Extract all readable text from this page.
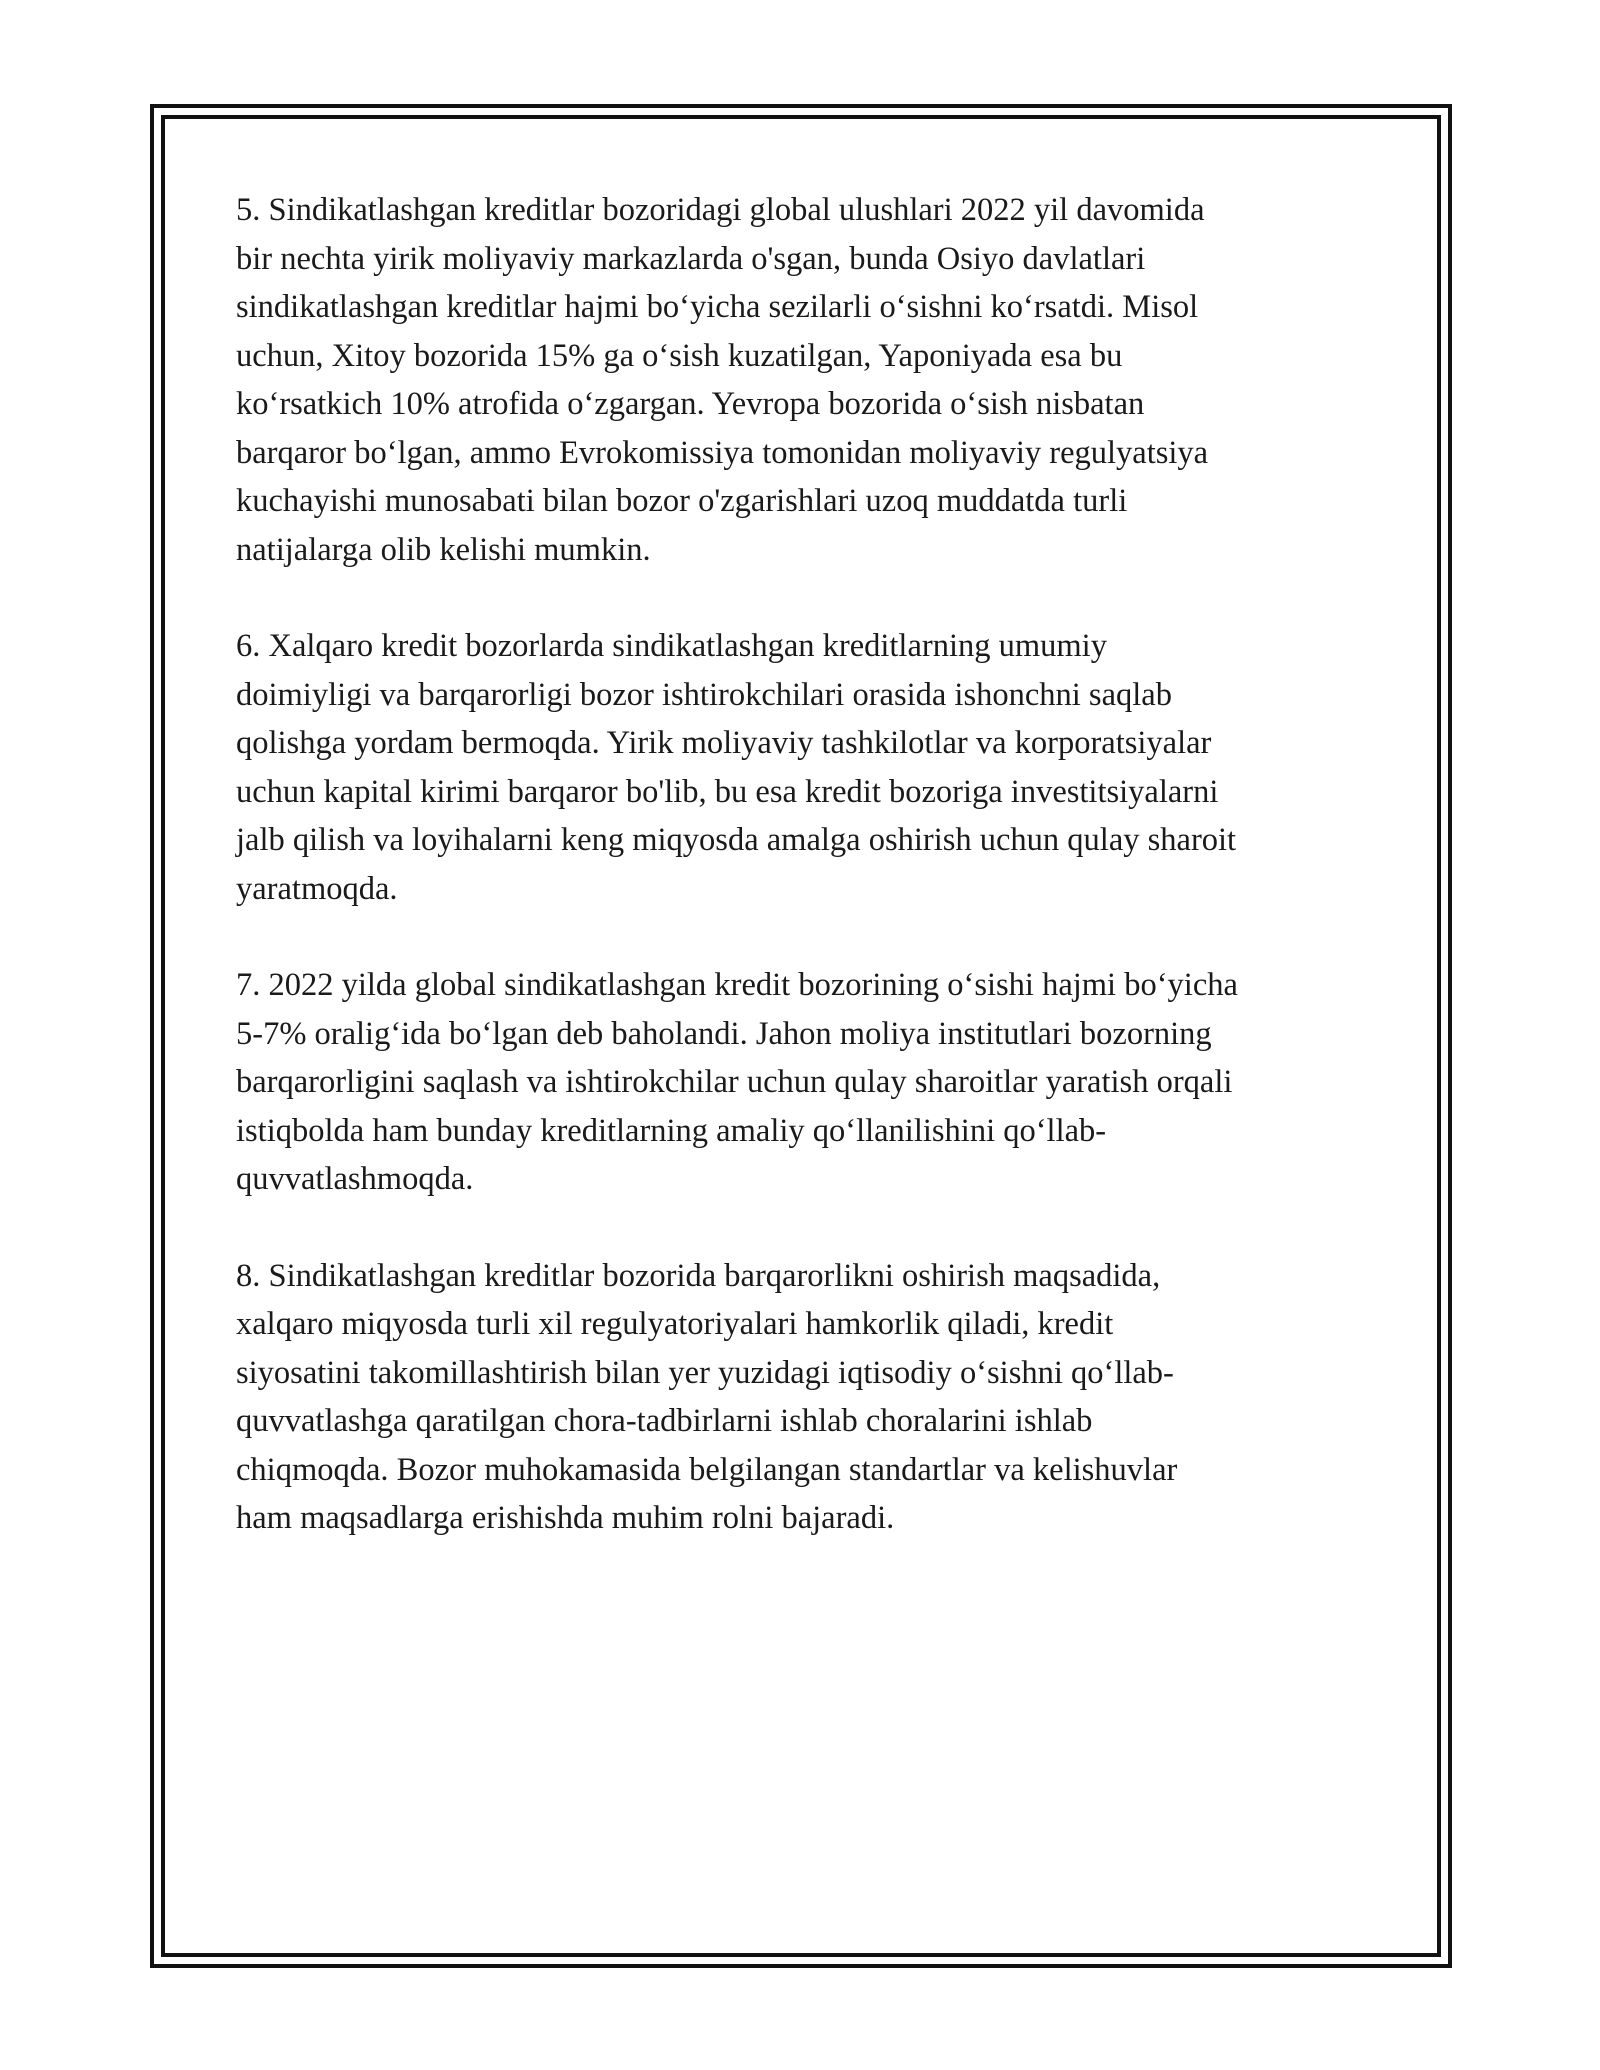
5. Sindikatlashgan kreditlar bozoridagi global ulushlari 2022 yil davomida
bir nechta yirik moliyaviy markazlarda o'sgan, bunda Osiyo davlatlari
sindikatlashgan kreditlar hajmi bo‘yicha sezilarli o‘sishni ko‘rsatdi. Misol
uchun, Xitoy bozorida 15% ga o‘sish kuzatilgan, Yaponiyada esa bu
ko‘rsatkich 10% atrofida o‘zgargan. Yevropa bozorida o‘sish nisbatan
barqaror bo‘lgan, ammo Evrokomissiya tomonidan moliyaviy regulyatsiya
kuchayishi munosabati bilan bozor o'zgarishlari uzoq muddatda turli
natijalarga olib kelishi mumkin.

6. Xalqaro kredit bozorlarda sindikatlashgan kreditlarning umumiy
doimiyligi va barqarorligi bozor ishtirokchilari orasida ishonchni saqlab
qolishga yordam bermoqda. Yirik moliyaviy tashkilotlar va korporatsiyalar
uchun kapital kirimi barqaror bo'lib, bu esa kredit bozoriga investitsiyalarni
jalb qilish va loyihalarni keng miqyosda amalga oshirish uchun qulay sharoit
yaratmoqda.

7. 2022 yilda global sindikatlashgan kredit bozorining o‘sishi hajmi bo‘yicha
5-7% oralig‘ida bo‘lgan deb baholandi. Jahon moliya institutlari bozorning
barqarorligini saqlash va ishtirokchilar uchun qulay sharoitlar yaratish orqali
istiqbolda ham bunday kreditlarning amaliy qo‘llanilishini qo‘llab-
quvvatlashmoqda.

8. Sindikatlashgan kreditlar bozorida barqarorlikni oshirish maqsadida,
xalqaro miqyosda turli xil regulyatoriyalari hamkorlik qiladi, kredit
siyosatini takomillashtirish bilan yer yuzidagi iqtisodiy o‘sishni qo‘llab-
quvvatlashga qaratilgan chora-tadbirlarni ishlab choralarini ishlab
chiqmoqda. Bozor muhokamasida belgilangan standartlar va kelishuvlar
ham maqsadlarga erishishda muhim rolni bajaradi.
